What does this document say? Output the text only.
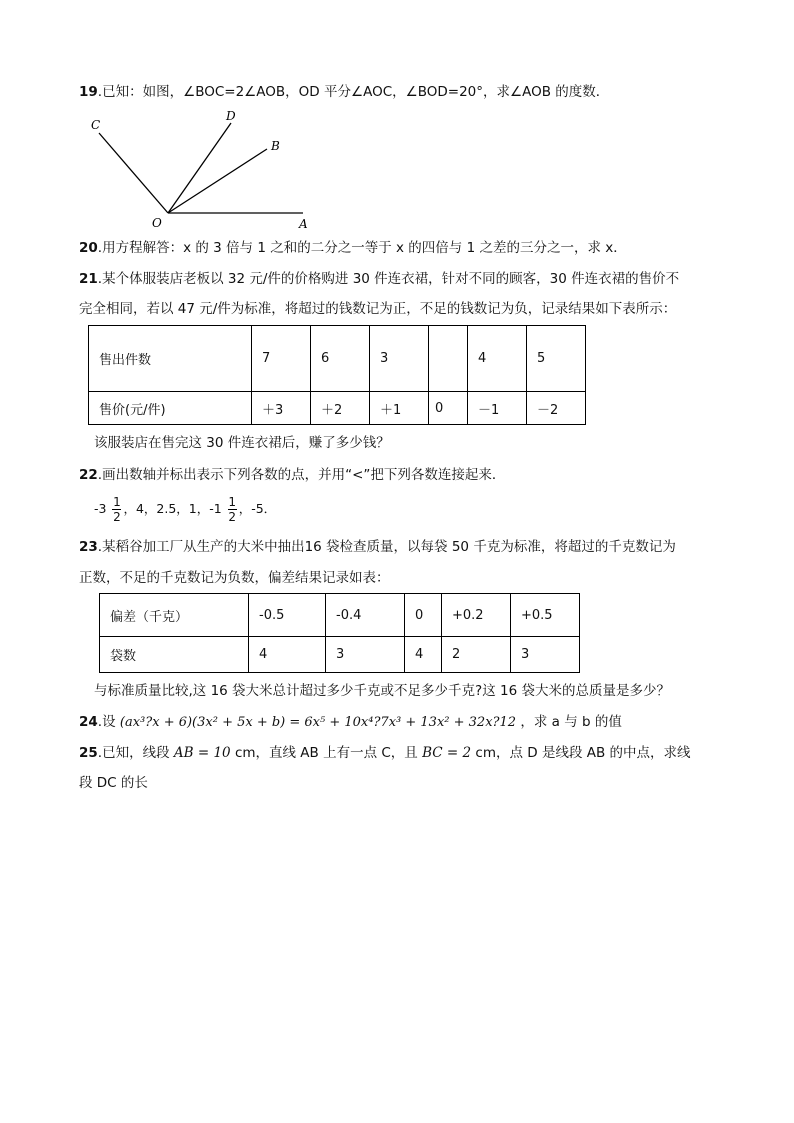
19.已知：如图，∠BOC=2∠AOB，OD 平分∠AOC，∠BOD=20°，求∠AOB 的度数．
C
D
B
O	A
20.用方程解答：x 的 3 倍与 1 之和的二分之一等于 x 的四倍与 1 之差的三分之一，求 x．
21.某个体服装店老板以 32 元/件的价格购进 30 件连衣裙，针对不同的顾客，30 件连衣裙的售价不
完全相同，若以 47 元/件为标准，将超过的钱数记为正，不足的钱数记为负，记录结果如下表所示：
售出件数	7	6	3		4	5
售价(元/件)	＋3	＋2	＋1	0	－1	－2
该服装店在售完这 30 件连衣裙后，赚了多少钱？
22.画出数轴并标出表示下列各数的点，并用“<”把下列各数连接起来．
$-3 \frac{1}{2}$ ，4，2.5，1，$-1 \frac{1}{2}$ ，-5．
23.某稻谷加工厂从生产的大米中抽出16 袋检查质量，以每袋 50 千克为标准，将超过的千克数记为
正数，不足的千克数记为负数，偏差结果记录如表：
偏差（千克）	-0.5	-0.4	0	+0.2	+0.5
袋数	4	3	4	2	3
与标准质量比较,这 16 袋大米总计超过多少千克或不足多少千克?这 16 袋大米的总质量是多少？
24.设 (ax³?x + 6)(3x² + 5x + b) = 6x⁵ + 10x⁴?7x³ + 13x² + 32x?12 ，求 a 与 b 的值
25.已知，线段 AB = 10 cm，直线 AB 上有一点 C，且 BC = 2 cm，点 D 是线段 AB 的中点，求线
段 DC 的长
